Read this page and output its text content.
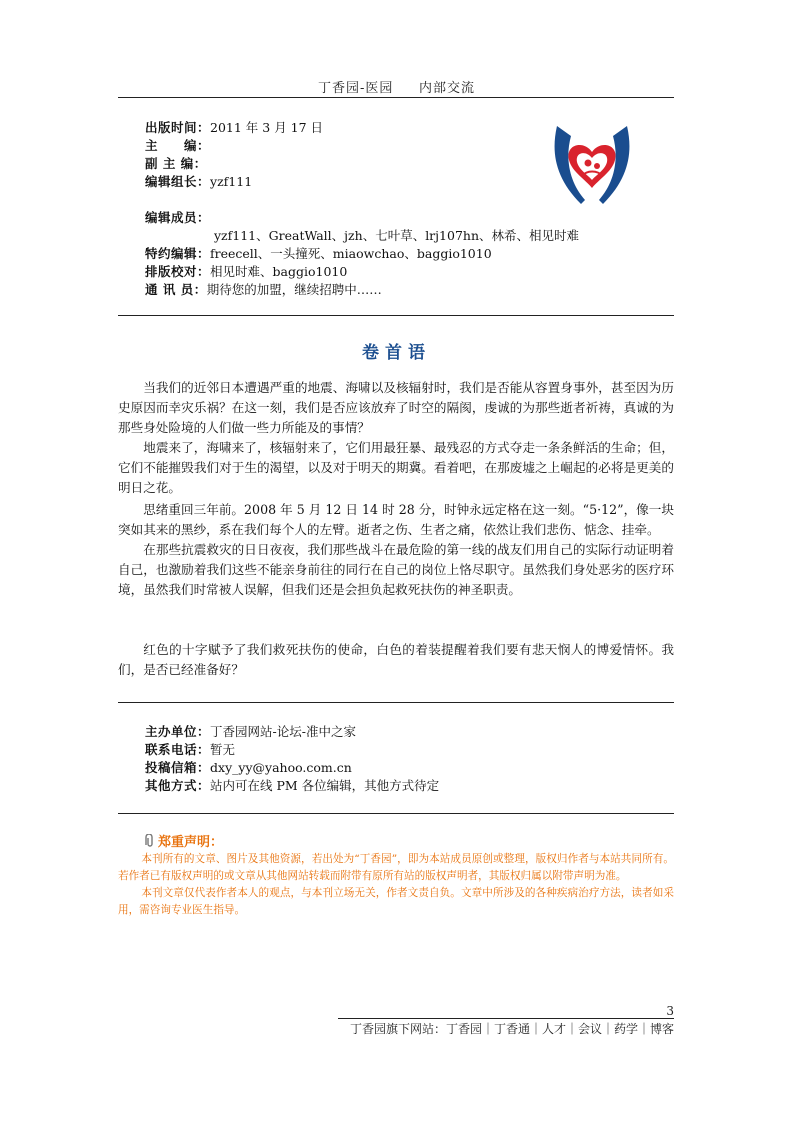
丁香园-医园     内部交流
出版时间：2011 年 3 月 17 日
主　　编：
副 主 编：
编辑组长：yzf111
编辑成员：
yzf111、GreatWall、jzh、七叶草、lrj107hn、林希、相见时难
特约编辑：freecell、一头撞死、miaowchao、baggio1010
排版校对：相见时难、baggio1010
通 讯 员：期待您的加盟，继续招聘中……
卷首语

当我们的近邻日本遭遇严重的地震、海啸以及核辐射时，我们是否能从容置身事外，甚至因为历史原因而幸灾乐祸？在这一刻，我们是否应该放弃了时空的隔阂，虔诚的为那些逝者祈祷，真诚的为那些身处险境的人们做一些力所能及的事情？

地震来了，海啸来了，核辐射来了，它们用最狂暴、最残忍的方式夺走一条条鲜活的生命；但，它们不能摧毁我们对于生的渴望，以及对于明天的期冀。看着吧，在那废墟之上崛起的必将是更美的明日之花。

思绪重回三年前。2008 年 5 月 12 日 14 时 28 分，时钟永远定格在这一刻。“5·12”，像一块突如其来的黑纱，系在我们每个人的左臂。逝者之伤、生者之痛，依然让我们悲伤、惦念、挂牵。

在那些抗震救灾的日日夜夜，我们那些战斗在最危险的第一线的战友们用自己的实际行动证明着自己，也激励着我们这些不能亲身前往的同行在自己的岗位上恪尽职守。虽然我们身处恶劣的医疗环境，虽然我们时常被人误解，但我们还是会担负起救死扶伤的神圣职责。

红色的十字赋予了我们救死扶伤的使命，白色的着装提醒着我们要有悲天悯人的博爱情怀。我们，是否已经准备好？

主办单位：丁香园网站-论坛-准中之家
联系电话：暂无
投稿信箱：dxy_yy@yahoo.com.cn
其他方式：站内可在线 PM 各位编辑，其他方式待定
郑重声明：

本刊所有的文章、图片及其他资源，若出处为“丁香园”，即为本站成员原创或整理，版权归作者与本站共同所有。若作者已有版权声明的或文章从其他网站转载而附带有原所有站的版权声明者，其版权归属以附带声明为准。

本刊文章仅代表作者本人的观点，与本刊立场无关，作者文责自负。文章中所涉及的各种疾病治疗方法，读者如采用，需咨询专业医生指导。

3
丁香园旗下网站：丁香园｜丁香通｜人才｜会议｜药学｜博客
